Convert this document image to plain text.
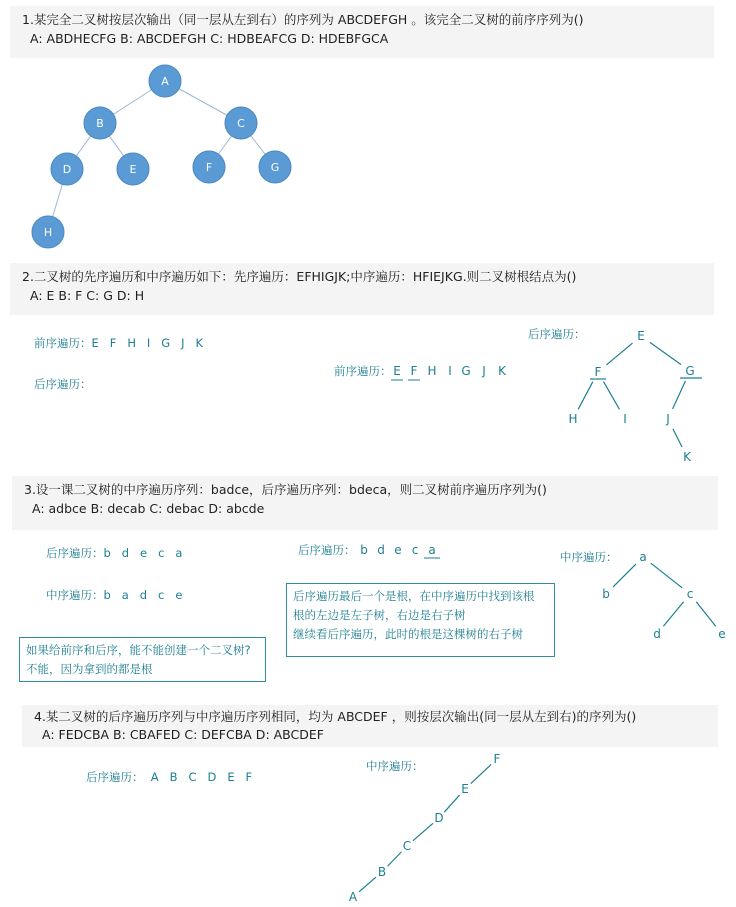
1.某完全二叉树按层次输出（同一层从左到右）的序列为 ABCDEFGH 。该完全二叉树的前序序列为()
A: ABDHECFG B: ABCDEFGH C: HDBEAFCG D: HDEBFGCA
2.二叉树的先序遍历和中序遍历如下：先序遍历：EFHIGJK;中序遍历：HFIEJKG.则二叉树根结点为()
A: E B: F C: G D: H
前序遍历：E   F   H   I   G   J   K
后序遍历：
前序遍历：
后序遍历：
3.设一课二叉树的中序遍历序列：badce，后序遍历序列：bdeca，则二叉树前序遍历序列为()
A: adbce B: decab C: debac D: abcde
后序遍历：b   d   e   c   a
中序遍历：b   a   d   c   e
后序遍历：	中序遍历：
如果给前序和后序，能不能创建一个二叉树?
不能，因为拿到的都是根
后序遍历最后一个是根，在中序遍历中找到该根
根的左边是左子树，右边是右子树
继续看后序遍历，此时的根是这棵树的右子树
4.某二叉树的后序遍历序列与中序遍历序列相同，均为 ABCDEF ，则按层次输出(同一层从左到右)的序列为()
A: FEDCBA B: CBAFED C: DEFCBA D: ABCDEF
后序遍历：  A   B   C   D   E   F
中序遍历：
A
B	C
D	E	F	G
H
E F H I G J K
E
F	G
H	I	J
K
b d e c a	a
b	c
d	e
F
E
D
C
B
A
